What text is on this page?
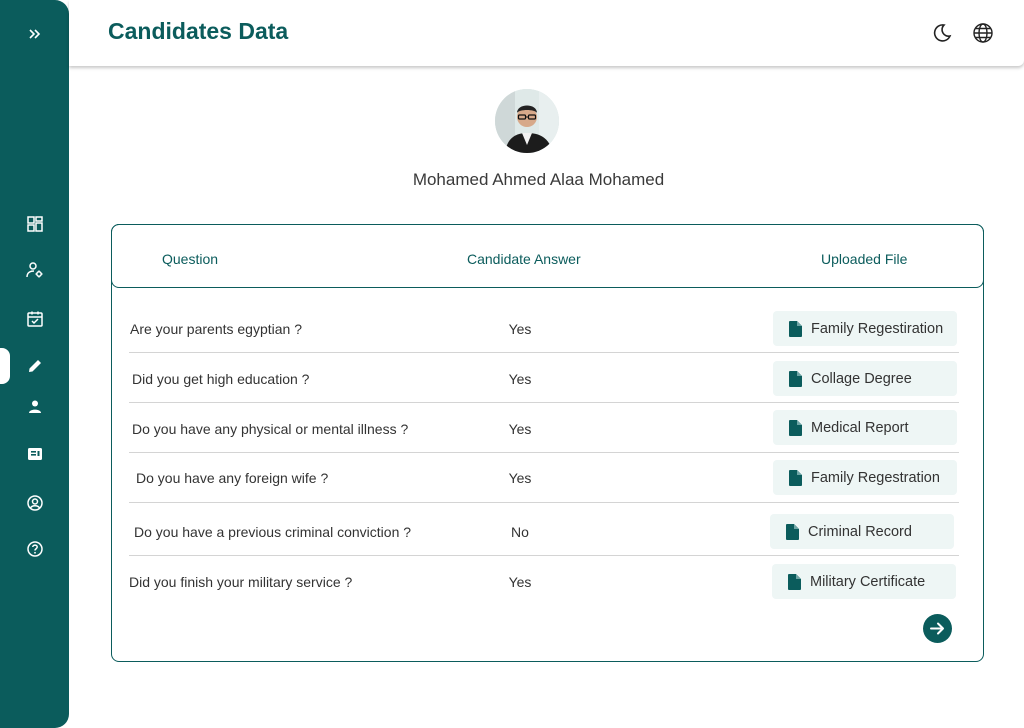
Candidates Data
Mohamed Ahmed Alaa Mohamed
Question	Candidate Answer	Uploaded File
Are your parents egyptian ?	Yes	Family Regestiration
Did you get high education ?	Yes	Collage Degree
Do you have any physical or mental illness ?	Yes	Medical Report
Do you have any foreign wife ?	Yes	Family Regestration
Do you have a previous criminal conviction ?	No	Criminal Record
Did you finish your military service ?	Yes	Military Certificate
